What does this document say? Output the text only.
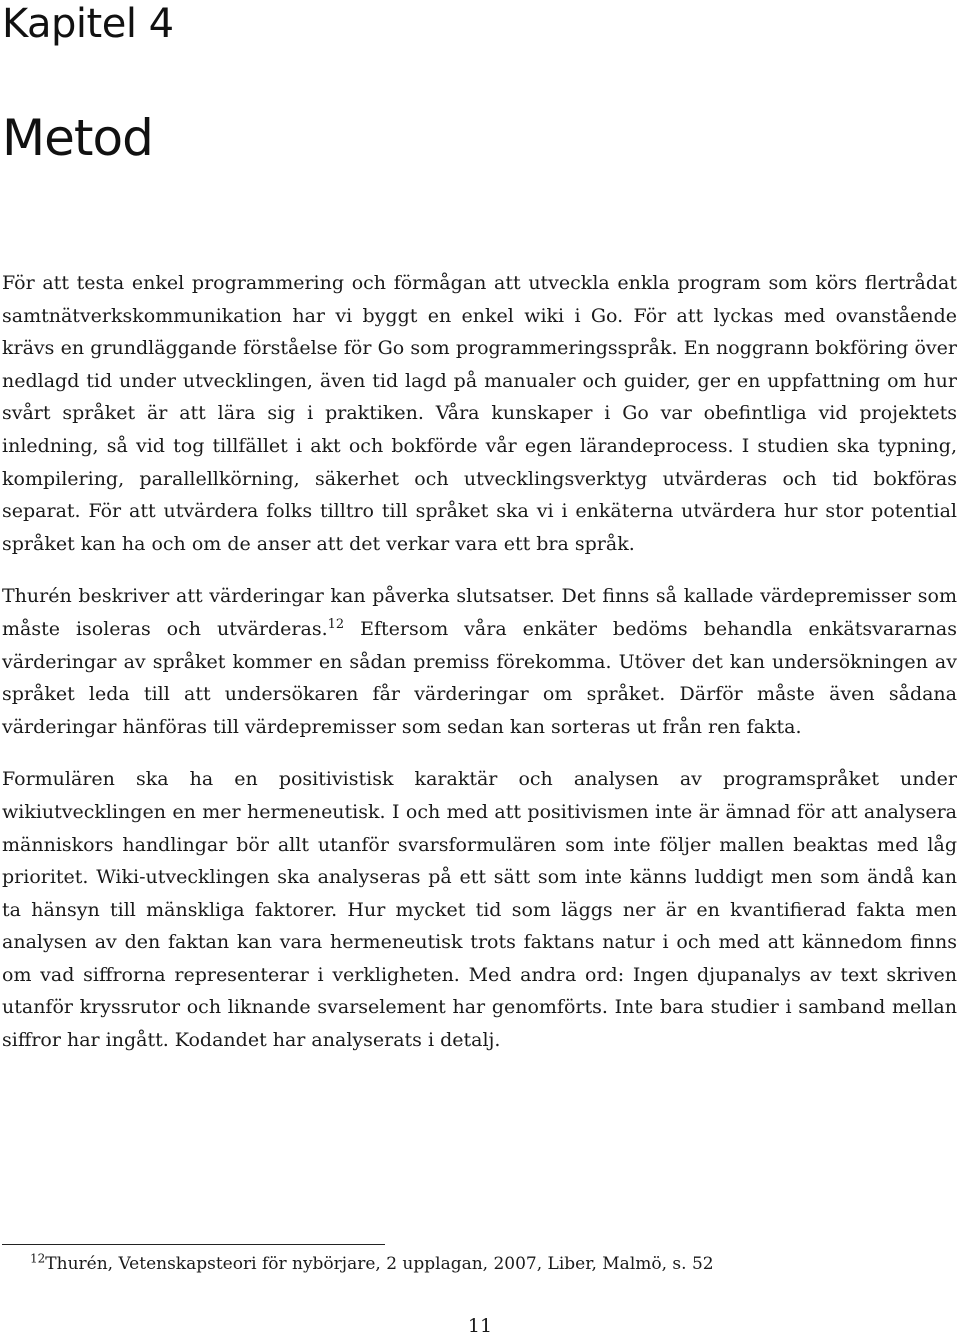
Kapitel 4
Metod

För att testa enkel programmering och förmågan att utveckla enkla program som körs flertrådat samtnätverkskommunikation har vi byggt en enkel wiki i Go. För att lyckas med ovanstående krävs en grundläggande förståelse för Go som programmeringsspråk. En noggrann bokföring över nedlagd tid under utvecklingen, även tid lagd på manualer och guider, ger en uppfattning om hur svårt språket är att lära sig i praktiken. Våra kunskaper i Go var obefintliga vid projektets inledning, så vid tog tillfället i akt och bokförde vår egen lärandeprocess. I studien ska typning, kompilering, parallellkörning, säkerhet och utvecklingsverktyg utvärderas och tid bokföras separat. För att utvärdera folks tilltro till språket ska vi i enkäterna utvärdera hur stor potential språket kan ha och om de anser att det verkar vara ett bra språk.

Thurén beskriver att värderingar kan påverka slutsatser. Det finns så kallade värdepremisser som måste isoleras och utvärderas.$^{12}$ Eftersom våra enkäter bedöms behandla enkätsvararnas värderingar av språket kommer en sådan premiss förekomma. Utöver det kan undersökningen av språket leda till att undersökaren får värderingar om språket. Därför måste även sådana värderingar hänföras till värdepremisser som sedan kan sorteras ut från ren fakta.

Formulären ska ha en positivistisk karaktär och analysen av programspråket under wikiutvecklingen en mer hermeneutisk. I och med att positivismen inte är ämnad för att analysera människors handlingar bör allt utanför svarsformulären som inte följer mallen beaktas med låg prioritet. Wiki-utvecklingen ska analyseras på ett sätt som inte känns luddigt men som ändå kan ta hänsyn till mänskliga faktorer. Hur mycket tid som läggs ner är en kvantifierad fakta men analysen av den faktan kan vara hermeneutisk trots faktans natur i och med att kännedom finns om vad siffrorna representerar i verkligheten. Med andra ord: Ingen djupanalys av text skriven utanför kryssrutor och liknande svarselement har genomförts. Inte bara studier i samband mellan siffror har ingått. Kodandet har analyserats i detalj.

$^{12}$Thurén, Vetenskapsteori för nybörjare, 2 upplagan, 2007, Liber, Malmö, s. 52

11
